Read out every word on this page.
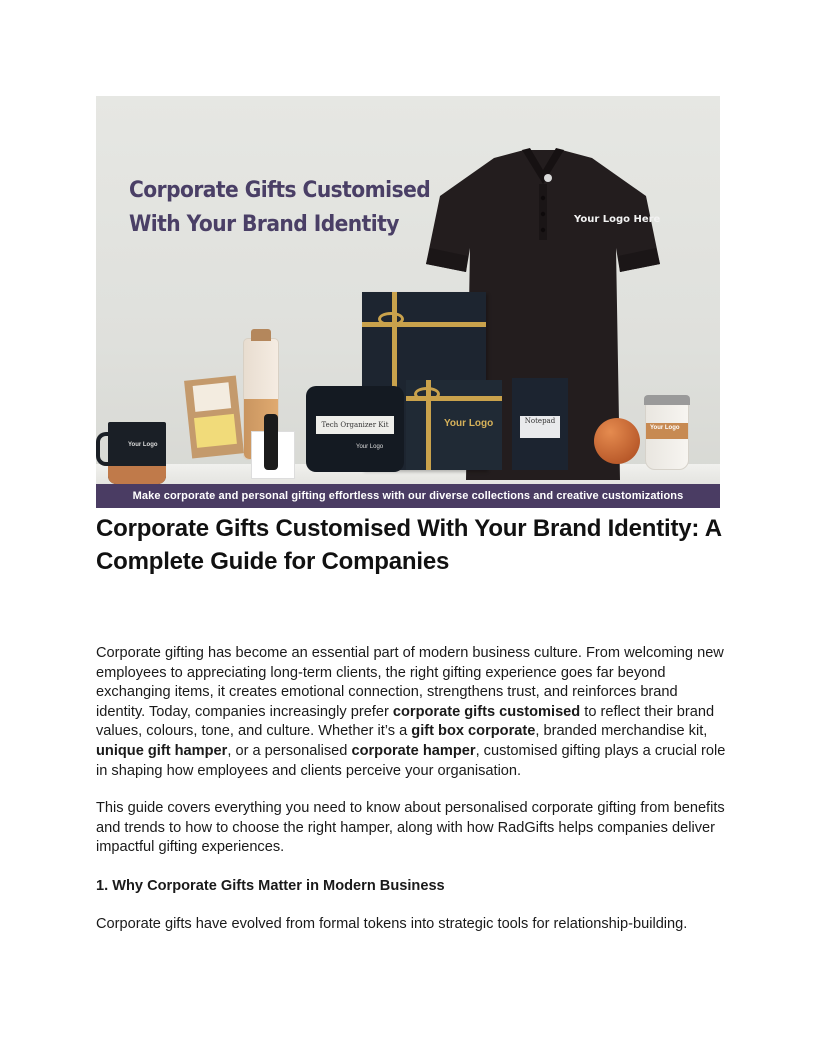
Corporate Gifts Customised
With Your Brand Identity	Your Logo Here
Your Logo	Notepad
Tech Organizer Kit
Your Logo
Your Logo
Your Logo
Make corporate and personal gifting effortless with our diverse collections and creative customizations
Corporate Gifts Customised With Your Brand Identity: A Complete Guide for Companies

Corporate gifting has become an essential part of modern business culture. From welcoming new employees to appreciating long-term clients, the right gifting experience goes far beyond exchanging items, it creates emotional connection, strengthens trust, and reinforces brand identity. Today, companies increasingly prefer corporate gifts customised to reflect their brand values, colours, tone, and culture. Whether it’s a gift box corporate, branded merchandise kit, unique gift hamper, or a personalised corporate hamper, customised gifting plays a crucial role in shaping how employees and clients perceive your organisation.

This guide covers everything you need to know about personalised corporate gifting from benefits and trends to how to choose the right hamper, along with how RadGifts helps companies deliver impactful gifting experiences.

1. Why Corporate Gifts Matter in Modern Business

Corporate gifts have evolved from formal tokens into strategic tools for relationship-building.
